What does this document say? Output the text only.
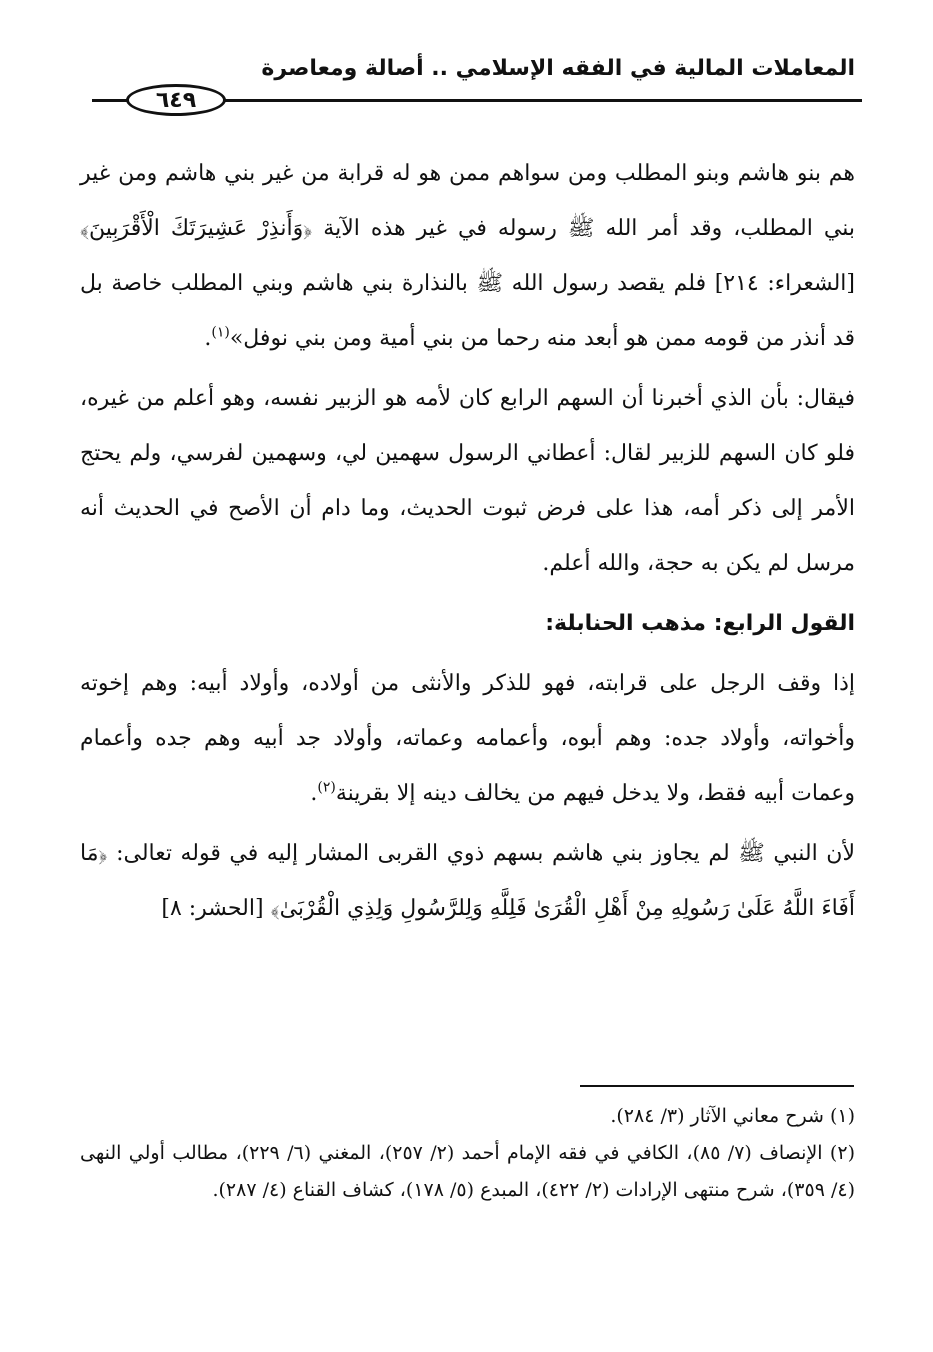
المعاملات المالية في الفقه الإسلامي .. أصالة ومعاصرة
٦٤٩

هم بنو هاشم وبنو المطلب ومن سواهم ممن هو له قرابة من غير بني هاشم ومن غير بني المطلب، وقد أمر الله ﷺ رسوله في غير هذه الآية ﴿وَأَنذِرْ عَشِيرَتَكَ الْأَقْرَبِينَ﴾ [الشعراء: ٢١٤] فلم يقصد رسول الله ﷺ بالنذارة بني هاشم وبني المطلب خاصة بل قد أنذر من قومه ممن هو أبعد منه رحما من بني أمية ومن بني نوفل»$^{(١)}$.

فيقال: بأن الذي أخبرنا أن السهم الرابع كان لأمه هو الزبير نفسه، وهو أعلم من غيره، فلو كان السهم للزبير لقال: أعطاني الرسول سهمين لي، وسهمين لفرسي، ولم يحتج الأمر إلى ذكر أمه، هذا على فرض ثبوت الحديث، وما دام أن الأصح في الحديث أنه مرسل لم يكن به حجة، والله أعلم.

القول الرابع: مذهب الحنابلة:

إذا وقف الرجل على قرابته، فهو للذكر والأنثى من أولاده، وأولاد أبيه: وهم إخوته وأخواته، وأولاد جده: وهم أبوه، وأعمامه وعماته، وأولاد جد أبيه وهم جده وأعمام وعمات أبيه فقط، ولا يدخل فيهم من يخالف دينه إلا بقرينة$^{(٢)}$.

لأن النبي ﷺ لم يجاوز بني هاشم بسهم ذوي القربى المشار إليه في قوله تعالى: ﴿مَا أَفَاءَ اللَّهُ عَلَىٰ رَسُولِهِ مِنْ أَهْلِ الْقُرَىٰ فَلِلَّهِ وَلِلرَّسُولِ وَلِذِي الْقُرْبَىٰ﴾ [الحشر: ٨]

(١) شرح معاني الآثار (٣/ ٢٨٤).

(٢) الإنصاف (٧/ ٨٥)، الكافي في فقه الإمام أحمد (٢/ ٢٥٧)، المغني (٦/ ٢٢٩)، مطالب أولي النهى (٤/ ٣٥٩)، شرح منتهى الإرادات (٢/ ٤٢٢)، المبدع (٥/ ١٧٨)، كشاف القناع (٤/ ٢٨٧).
